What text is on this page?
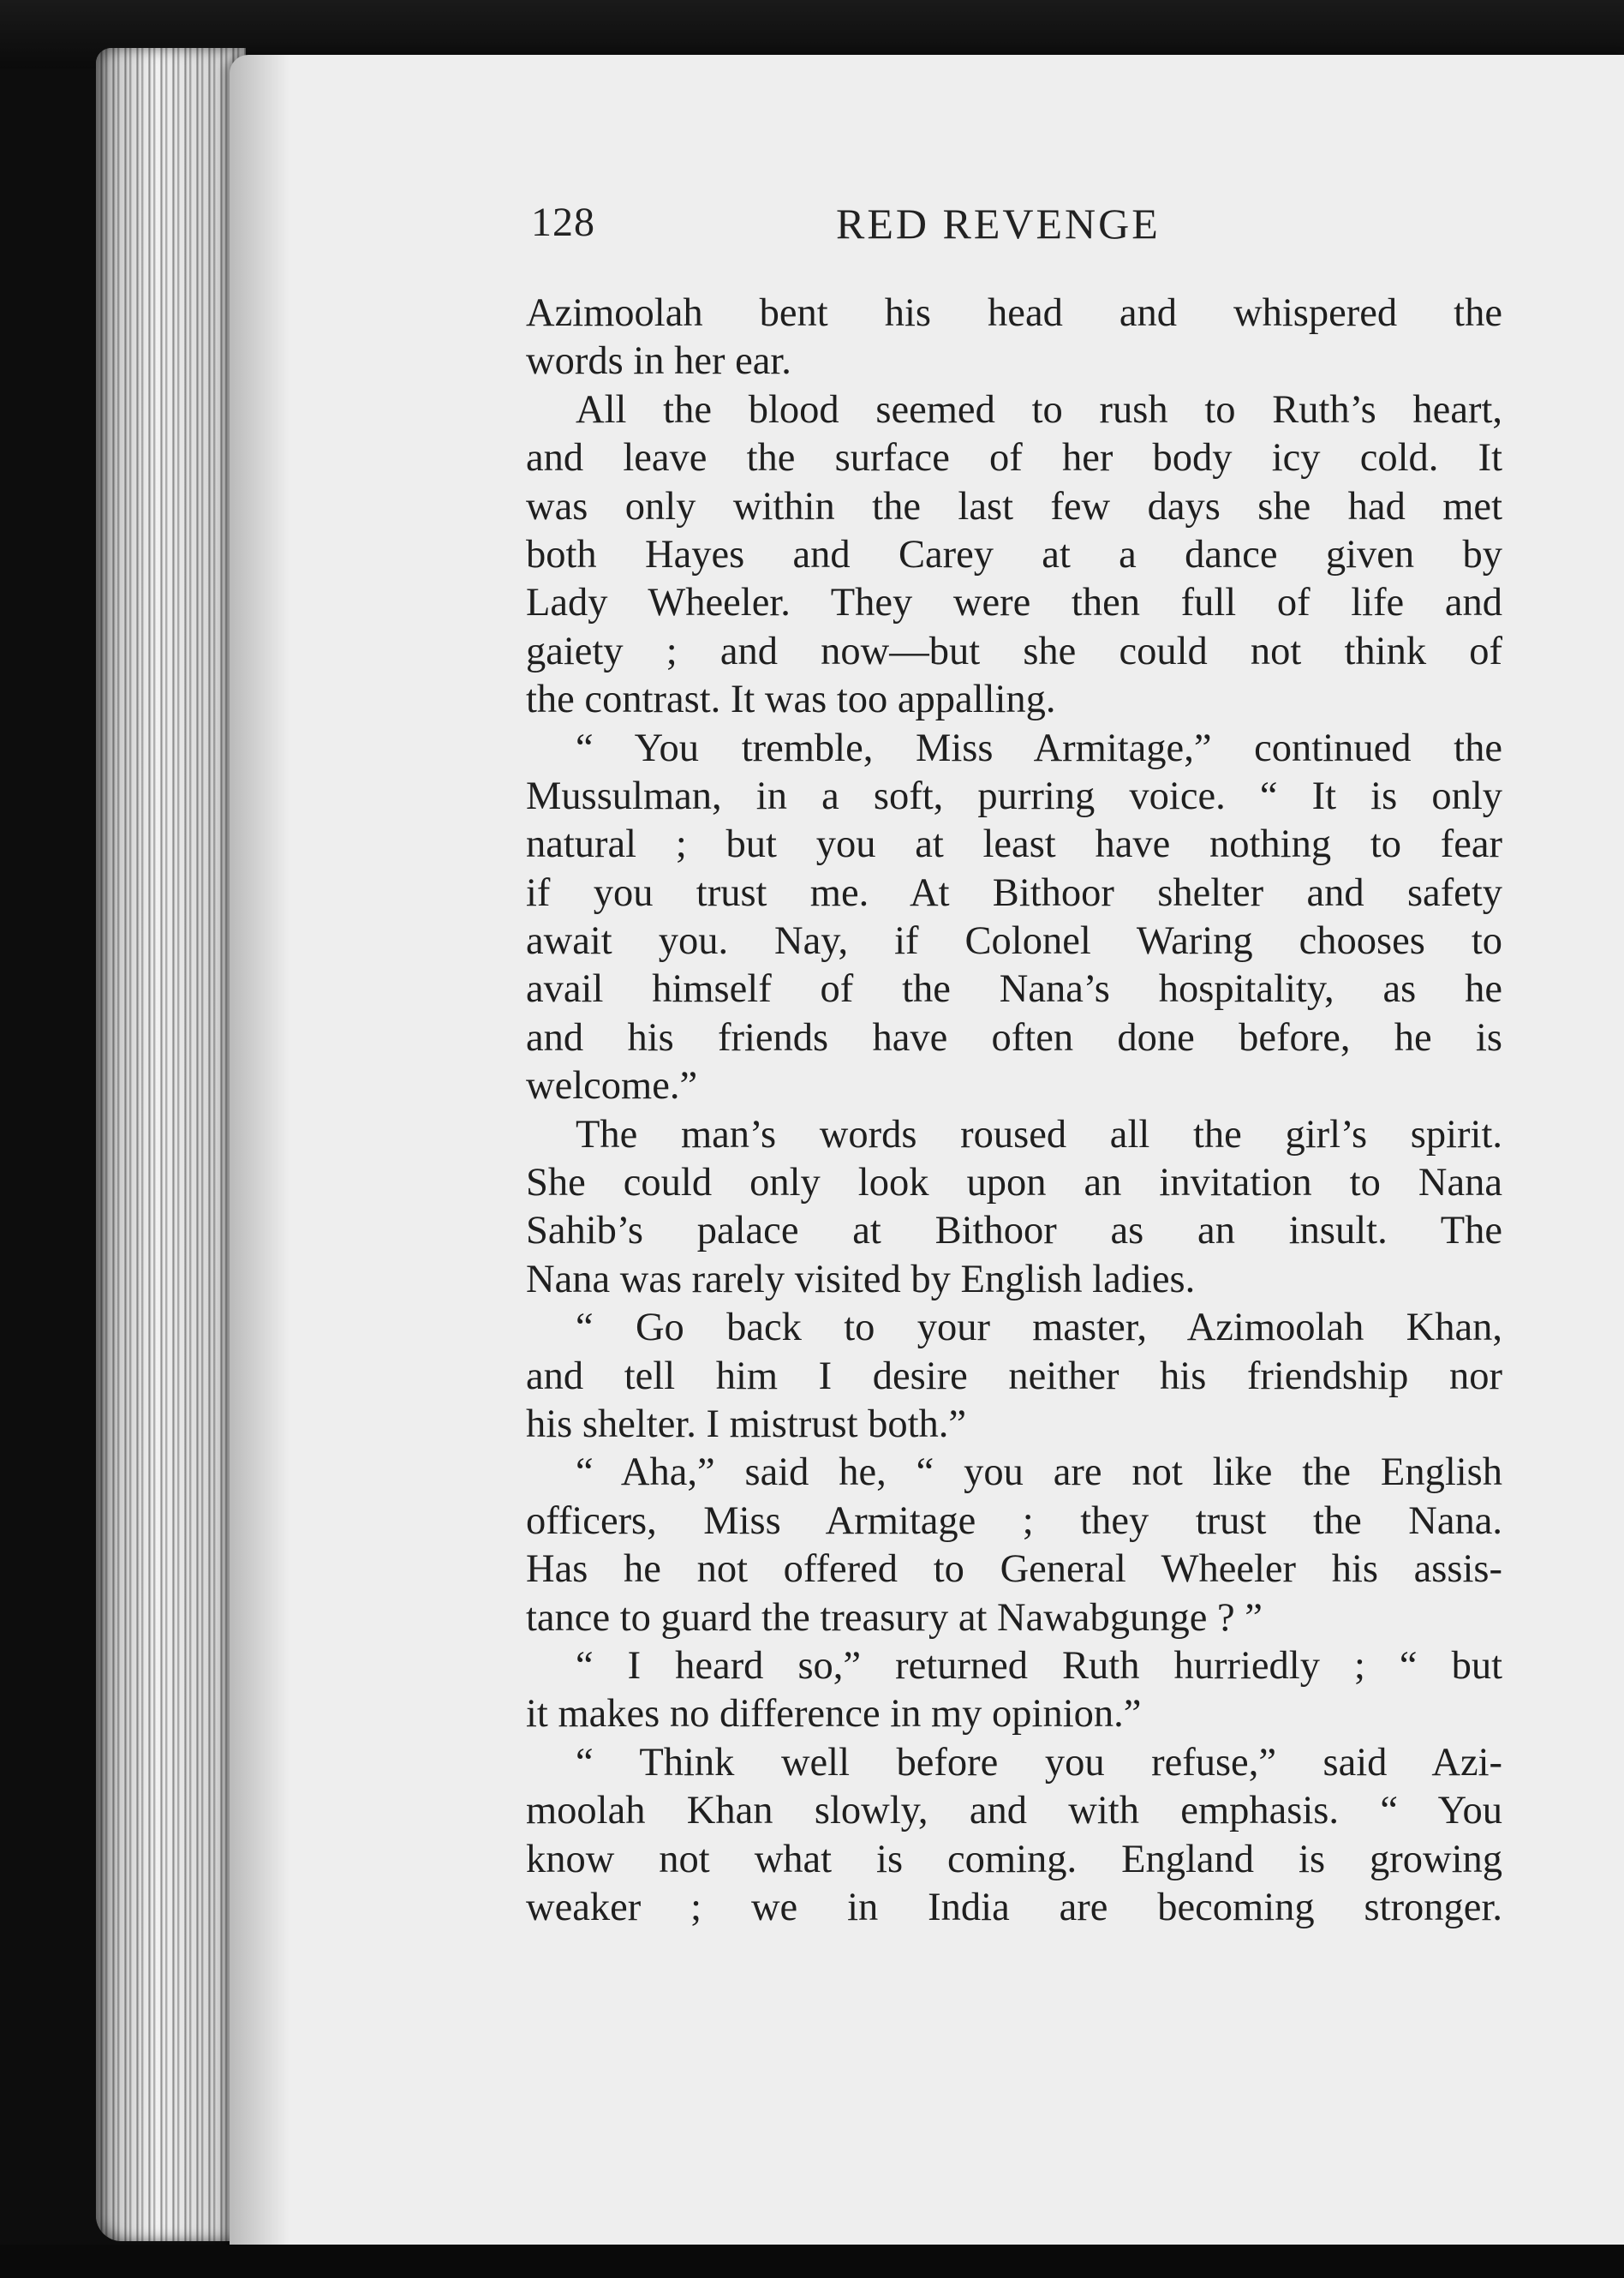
128	RED REVENGE
Azimoolah bent his head and whispered the
words in her ear.
All the blood seemed to rush to Ruth’s heart,
and leave the surface of her body icy cold. It
was only within the last few days she had met
both Hayes and Carey at a dance given by
Lady Wheeler. They were then full of life and
gaiety ; and now—but she could not think of
the contrast. It was too appalling.
“ You tremble, Miss Armitage,” continued the
Mussulman, in a soft, purring voice. “ It is only
natural ; but you at least have nothing to fear
if you trust me. At Bithoor shelter and safety
await you. Nay, if Colonel Waring chooses to
avail himself of the Nana’s hospitality, as he
and his friends have often done before, he is
welcome.”
The man’s words roused all the girl’s spirit.
She could only look upon an invitation to Nana
Sahib’s palace at Bithoor as an insult. The
Nana was rarely visited by English ladies.
“ Go back to your master, Azimoolah Khan,
and tell him I desire neither his friendship nor
his shelter. I mistrust both.”
“ Aha,” said he, “ you are not like the English
officers, Miss Armitage ; they trust the Nana.
Has he not offered to General Wheeler his assis-
tance to guard the treasury at Nawabgunge ? ”
“ I heard so,” returned Ruth hurriedly ; “ but
it makes no difference in my opinion.”
“ Think well before you refuse,” said Azi-
moolah Khan slowly, and with emphasis. “ You
know not what is coming. England is growing
weaker ; we in India are becoming stronger.
